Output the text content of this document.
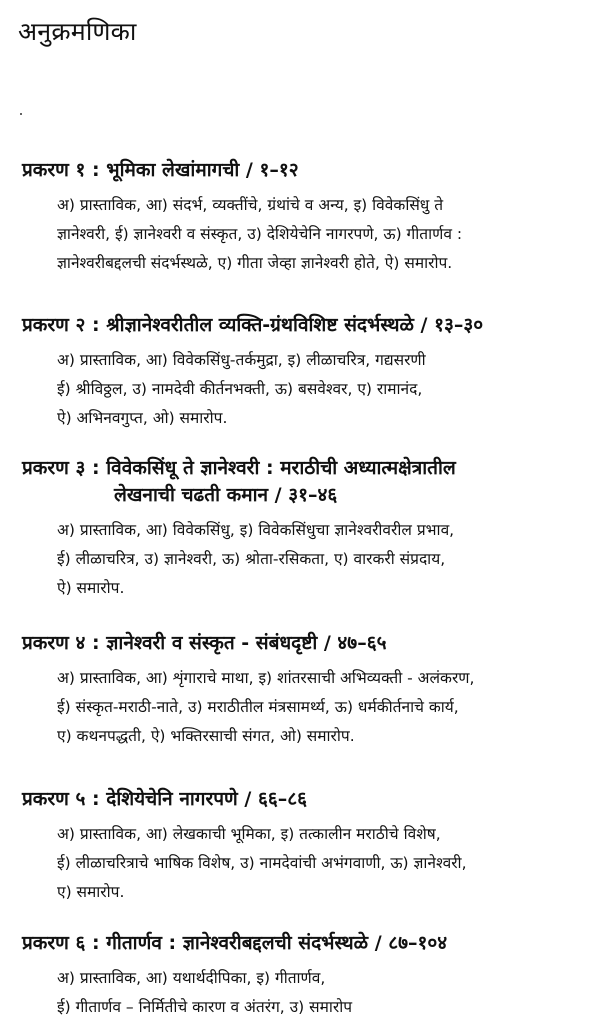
अनुक्रमणिका
प्रकरण १ : भूमिका लेखांमागची / १–१२
अ) प्रास्ताविक, आ) संदर्भ, व्यक्तींचे, ग्रंथांचे व अन्य, इ) विवेकसिंधु ते
ज्ञानेश्वरी, ई) ज्ञानेश्वरी व संस्कृत, उ) देशियेचेनि नागरपणे, ऊ) गीतार्णव :
ज्ञानेश्वरीबद्दलची संदर्भस्थळे, ए) गीता जेव्हा ज्ञानेश्वरी होते, ऐ) समारोप.
प्रकरण २ : श्रीज्ञानेश्वरीतील व्यक्ति-ग्रंथविशिष्ट संदर्भस्थळे / १३–३०
अ) प्रास्ताविक, आ) विवेकसिंधु-तर्कमुद्रा, इ) लीळाचरित्र, गद्यसरणी
ई) श्रीविठ्ठल, उ) नामदेवी कीर्तनभक्ती, ऊ) बसवेश्वर, ए) रामानंद,
ऐ) अभिनवगुप्त, ओ) समारोप.
प्रकरण ३ : विवेकसिंधू ते ज्ञानेश्वरी : मराठीची अध्यात्मक्षेत्रातील
लेखनाची चढती कमान / ३१–४६
अ) प्रास्ताविक, आ) विवेकसिंधु, इ) विवेकसिंधुचा ज्ञानेश्वरीवरील प्रभाव,
ई) लीळाचरित्र, उ) ज्ञानेश्वरी, ऊ) श्रोता-रसिकता, ए) वारकरी संप्रदाय,
ऐ) समारोप.
प्रकरण ४ : ज्ञानेश्वरी व संस्कृत - संबंधदृष्टी / ४७–६५
अ) प्रास्ताविक, आ) शृंगाराचे माथा, इ) शांतरसाची अभिव्यक्ती - अलंकरण,
ई) संस्कृत-मराठी-नाते, उ) मराठीतील मंत्रसामर्थ्य, ऊ) धर्मकीर्तनाचे कार्य,
ए) कथनपद्धती, ऐ) भक्तिरसाची संगत, ओ) समारोप.
प्रकरण ५ : देशियेचेनि नागरपणे / ६६–८६
अ) प्रास्ताविक, आ) लेखकाची भूमिका, इ) तत्कालीन मराठीचे विशेष,
ई) लीळाचरित्राचे भाषिक विशेष, उ) नामदेवांची अभंगवाणी, ऊ) ज्ञानेश्वरी,
ए) समारोप.
प्रकरण ६ : गीतार्णव : ज्ञानेश्वरीबद्दलची संदर्भस्थळे / ८७–१०४
अ) प्रास्ताविक, आ) यथार्थदीपिका, इ) गीतार्णव,
ई) गीतार्णव – निर्मितीचे कारण व अंतरंग, उ) समारोप
